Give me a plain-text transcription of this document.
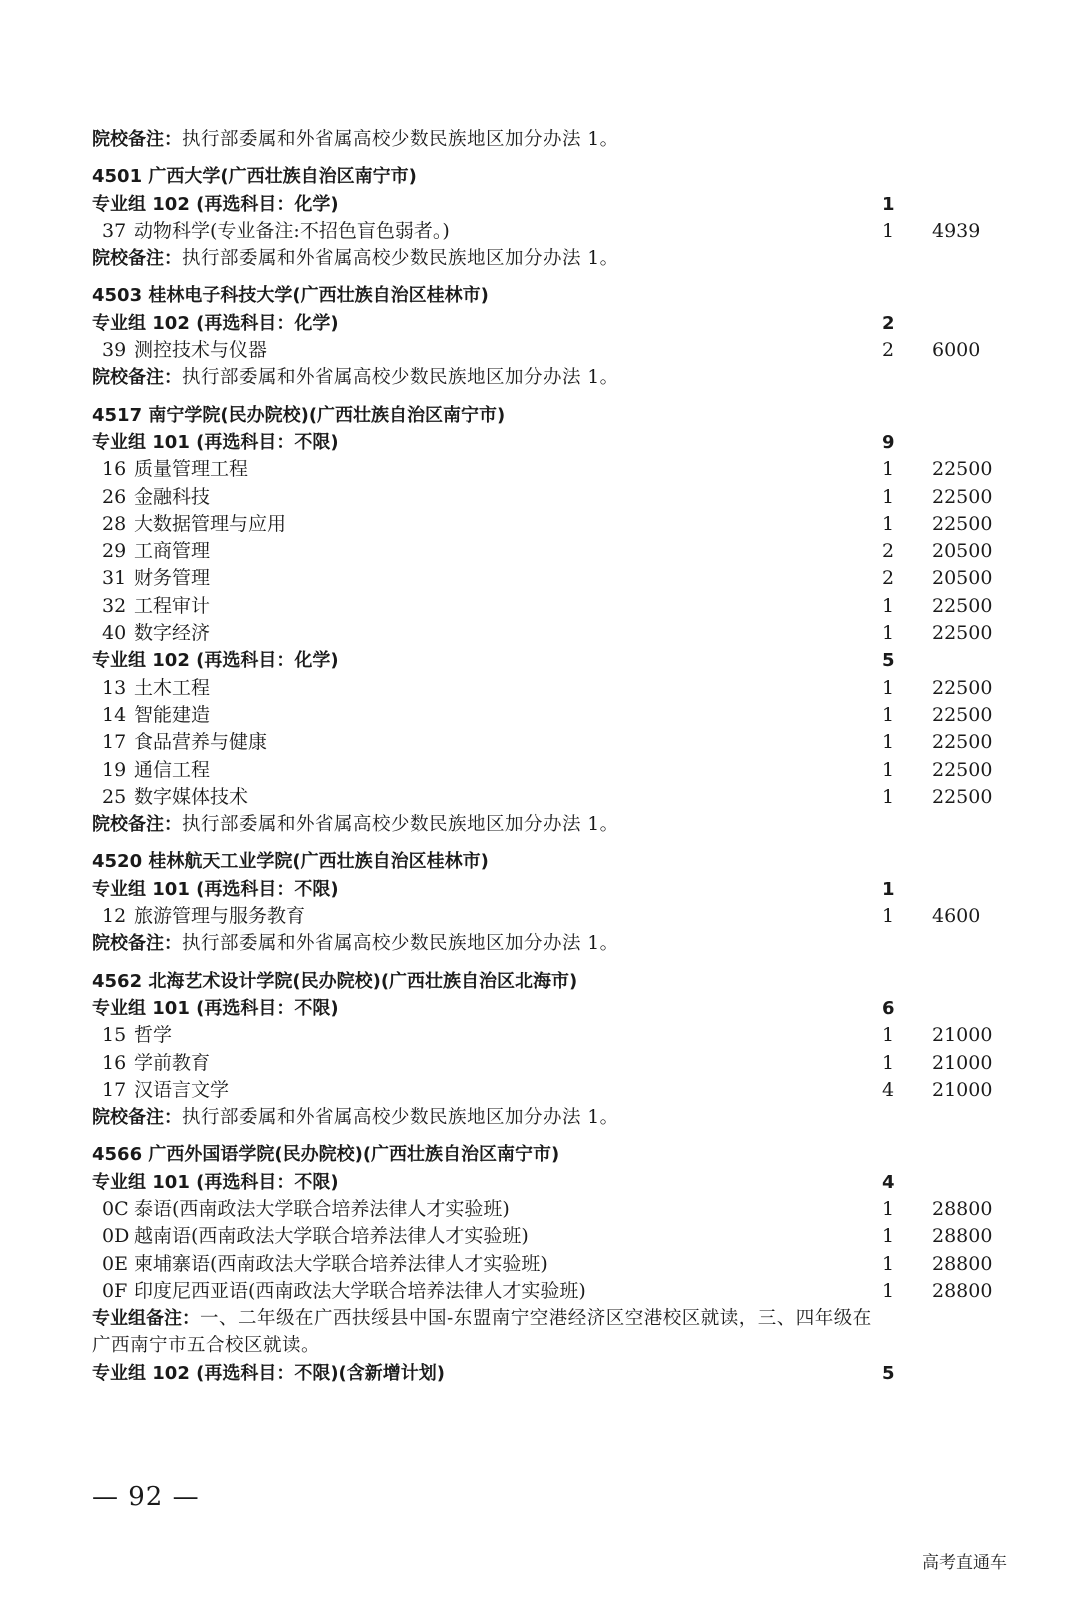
院校备注：执行部委属和外省属高校少数民族地区加分办法 1。
4501 广西大学(广西壮族自治区南宁市)
专业组 102 (再选科目：化学)	1
37 动物科学(专业备注:不招色盲色弱者。)	1 4939
院校备注：执行部委属和外省属高校少数民族地区加分办法 1。
4503 桂林电子科技大学(广西壮族自治区桂林市)
专业组 102 (再选科目：化学)	2
39 测控技术与仪器	2 6000
院校备注：执行部委属和外省属高校少数民族地区加分办法 1。
4517 南宁学院(民办院校)(广西壮族自治区南宁市)
专业组 101 (再选科目：不限)	9
16 质量管理工程	1 22500
26 金融科技	1 22500
28 大数据管理与应用	1 22500
29 工商管理	2 20500
31 财务管理	2 20500
32 工程审计	1 22500
40 数字经济	1 22500
专业组 102 (再选科目：化学)	5
13 土木工程	1 22500
14 智能建造	1 22500
17 食品营养与健康	1 22500
19 通信工程	1 22500
25 数字媒体技术	1 22500
院校备注：执行部委属和外省属高校少数民族地区加分办法 1。
4520 桂林航天工业学院(广西壮族自治区桂林市)
专业组 101 (再选科目：不限)	1
12 旅游管理与服务教育	1 4600
院校备注：执行部委属和外省属高校少数民族地区加分办法 1。
4562 北海艺术设计学院(民办院校)(广西壮族自治区北海市)
专业组 101 (再选科目：不限)	6
15 哲学	1 21000
16 学前教育	1 21000
17 汉语言文学	4 21000
院校备注：执行部委属和外省属高校少数民族地区加分办法 1。
4566 广西外国语学院(民办院校)(广西壮族自治区南宁市)
专业组 101 (再选科目：不限)	4
0C 泰语(西南政法大学联合培养法律人才实验班)	1 28800
0D 越南语(西南政法大学联合培养法律人才实验班)	1 28800
0E 柬埔寨语(西南政法大学联合培养法律人才实验班)	1 28800
0F 印度尼西亚语(西南政法大学联合培养法律人才实验班)	1 28800
专业组备注：一、二年级在广西扶绥县中国-东盟南宁空港经济区空港校区就读，三、四年级在
广西南宁市五合校区就读。
专业组 102 (再选科目：不限)(含新增计划)	5
— 92 —
高考直通车
